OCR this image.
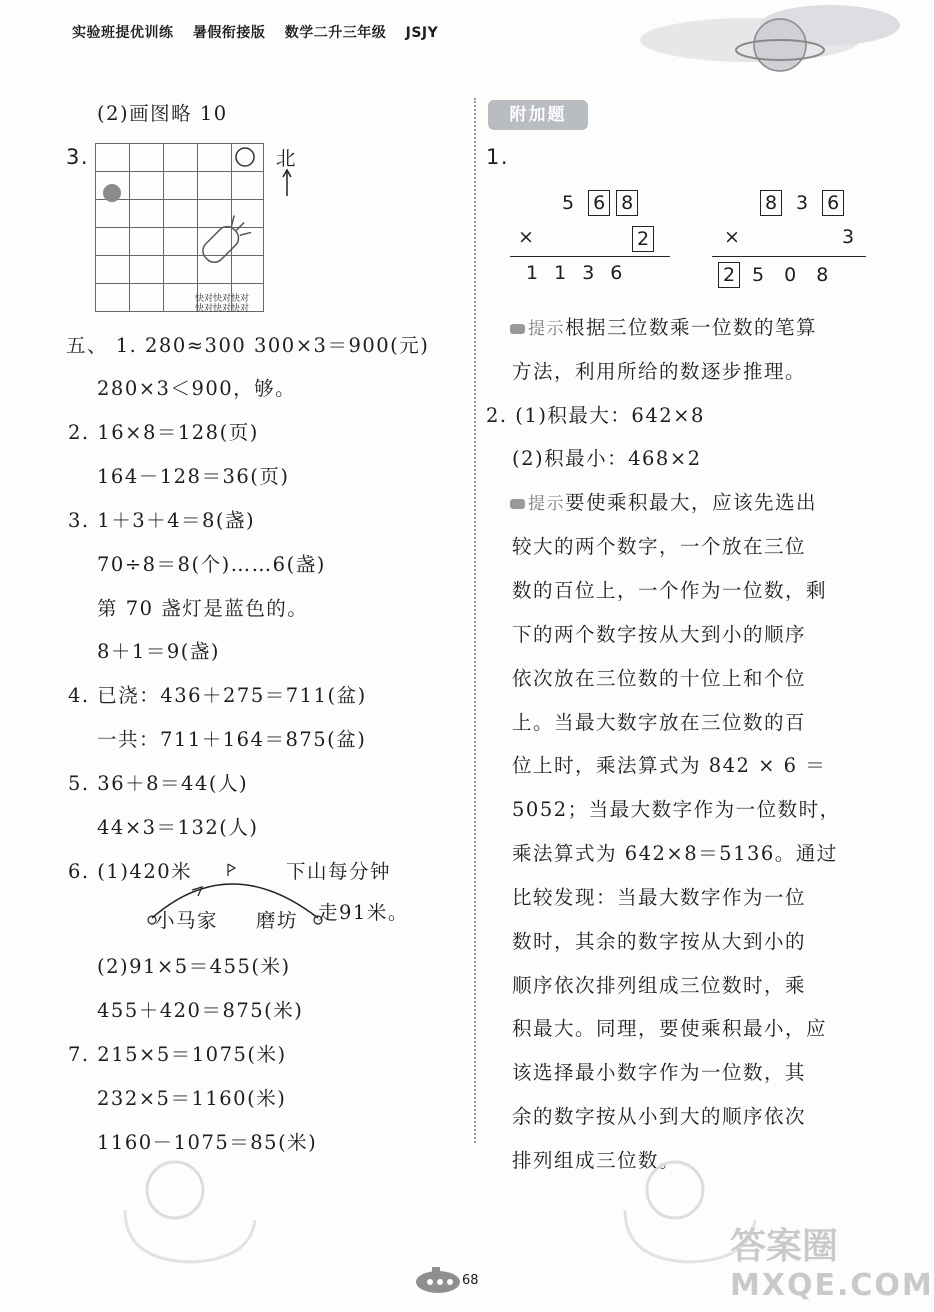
实验班提优训练 暑假衔接版 数学二升三年级 JSJY
(2)画图略 10
3.
快对快对快对
快对快对快对
北
五、 1. 280≈300 300×3＝900(元)
280×3＜900，够。
2. 16×8＝128(页)
164－128＝36(页)
3. 1＋3＋4＝8(盏)
70÷8＝8(个)……6(盏)
第 70 盏灯是蓝色的。
8＋1＝9(盏)
4. 已浇：436＋275＝711(盆)
一共：711＋164＝875(盆)
5. 36＋8＝44(人)
44×3＝132(人)
6. (1)420米	下山每分钟
小马家 磨坊 走91米。
(2)91×5＝455(米)
455＋420＝875(米)
7. 215×5＝1075(米)
232×5＝1160(米)
1160－1075＝85(米)
附加题
1.
5 6 8
×	2
1136
8 3 6
×	3
2 5 0 8
提示根据三位数乘一位数的笔算
方法，利用所给的数逐步推理。
2. (1)积最大：642×8
(2)积最小：468×2
提示要使乘积最大，应该先选出
较大的两个数字，一个放在三位
数的百位上，一个作为一位数，剩
下的两个数字按从大到小的顺序
依次放在三位数的十位上和个位
上。当最大数字放在三位数的百
位上时，乘法算式为 842 × 6 ＝
5052；当最大数字作为一位数时，
乘法算式为 642×8＝5136。通过
比较发现：当最大数字作为一位
数时，其余的数字按从大到小的
顺序依次排列组成三位数时，乘
积最大。同理，要使乘积最小，应
该选择最小数字作为一位数，其
余的数字按从小到大的顺序依次
排列组成三位数。
68
答案圈
MXQE.COM
